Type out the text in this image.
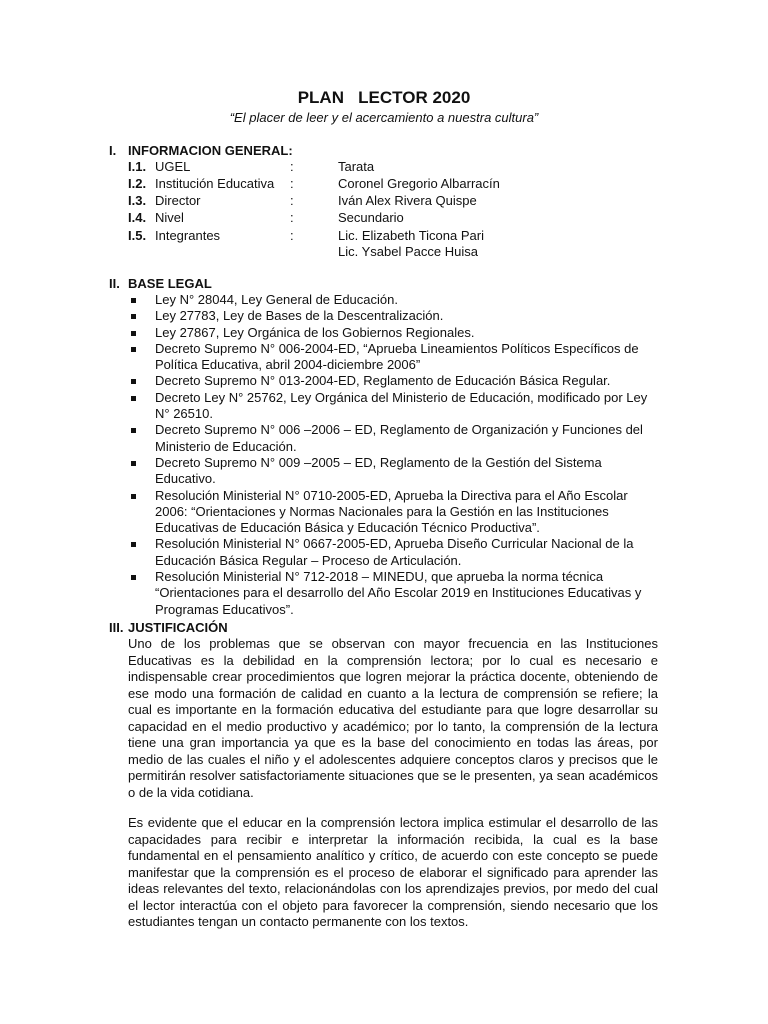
PLAN   LECTOR 2020
“El placer de leer y el acercamiento a nuestra cultura”
I. INFORMACION GENERAL:
I.1. UGEL	:	Tarata
I.2. Institución Educativa	:	Coronel Gregorio Albarracín
I.3. Director	:	Iván Alex Rivera Quispe
I.4. Nivel	:	Secundario
I.5. Integrantes	:	Lic. Elizabeth Ticona Pari
Lic. Ysabel Pacce Huisa
II. BASE LEGAL
Ley N° 28044, Ley General de Educación.
Ley 27783, Ley de Bases de la Descentralización.
Ley 27867, Ley Orgánica de los Gobiernos Regionales.
Decreto Supremo N° 006-2004-ED, “Aprueba Lineamientos Políticos Específicos de Política Educativa, abril 2004-diciembre 2006”
Decreto Supremo N° 013-2004-ED, Reglamento de Educación Básica Regular.
Decreto Ley N° 25762, Ley Orgánica del Ministerio de Educación, modificado por Ley N° 26510.
Decreto Supremo N° 006 –2006 – ED, Reglamento de Organización y Funciones del Ministerio de Educación.
Decreto Supremo N° 009 –2005 – ED, Reglamento de la Gestión del Sistema Educativo.
Resolución Ministerial N° 0710-2005-ED, Aprueba la Directiva para el Año Escolar 2006: “Orientaciones y Normas Nacionales para la Gestión en las Instituciones Educativas de Educación Básica y Educación Técnico Productiva”.
Resolución Ministerial N° 0667-2005-ED, Aprueba Diseño Curricular Nacional de la Educación Básica Regular – Proceso de Articulación.
Resolución Ministerial N° 712-2018 – MINEDU, que aprueba la norma técnica “Orientaciones para el desarrollo del Año Escolar 2019 en Instituciones Educativas y Programas Educativos”.
III. JUSTIFICACIÓN

Uno de los problemas que se observan con mayor frecuencia en las Instituciones Educativas es la debilidad en la comprensión lectora; por lo cual es necesario e indispensable crear procedimientos que logren mejorar la práctica docente, obteniendo de ese modo una formación de calidad en cuanto a la lectura de comprensión se refiere; la cual es importante en la formación educativa del estudiante para que logre desarrollar su capacidad en el medio productivo y académico; por lo tanto, la comprensión de la lectura tiene una gran importancia ya que es la base del conocimiento en todas las áreas, por medio de las cuales el niño y el adolescentes adquiere conceptos claros y precisos que le permitirán resolver satisfactoriamente situaciones que se le presenten, ya sean académicos o de la vida cotidiana.

Es evidente que el educar en la comprensión lectora implica estimular el desarrollo de las capacidades para recibir e interpretar la información recibida, la cual es la base fundamental en el pensamiento analítico y crítico, de acuerdo con este concepto se puede manifestar que la comprensión es el proceso de elaborar el significado para aprender las ideas relevantes del texto, relacionándolas con los aprendizajes previos, por medo del cual el lector interactúa con el objeto para favorecer la comprensión, siendo necesario que los estudiantes tengan un contacto permanente con los textos.
